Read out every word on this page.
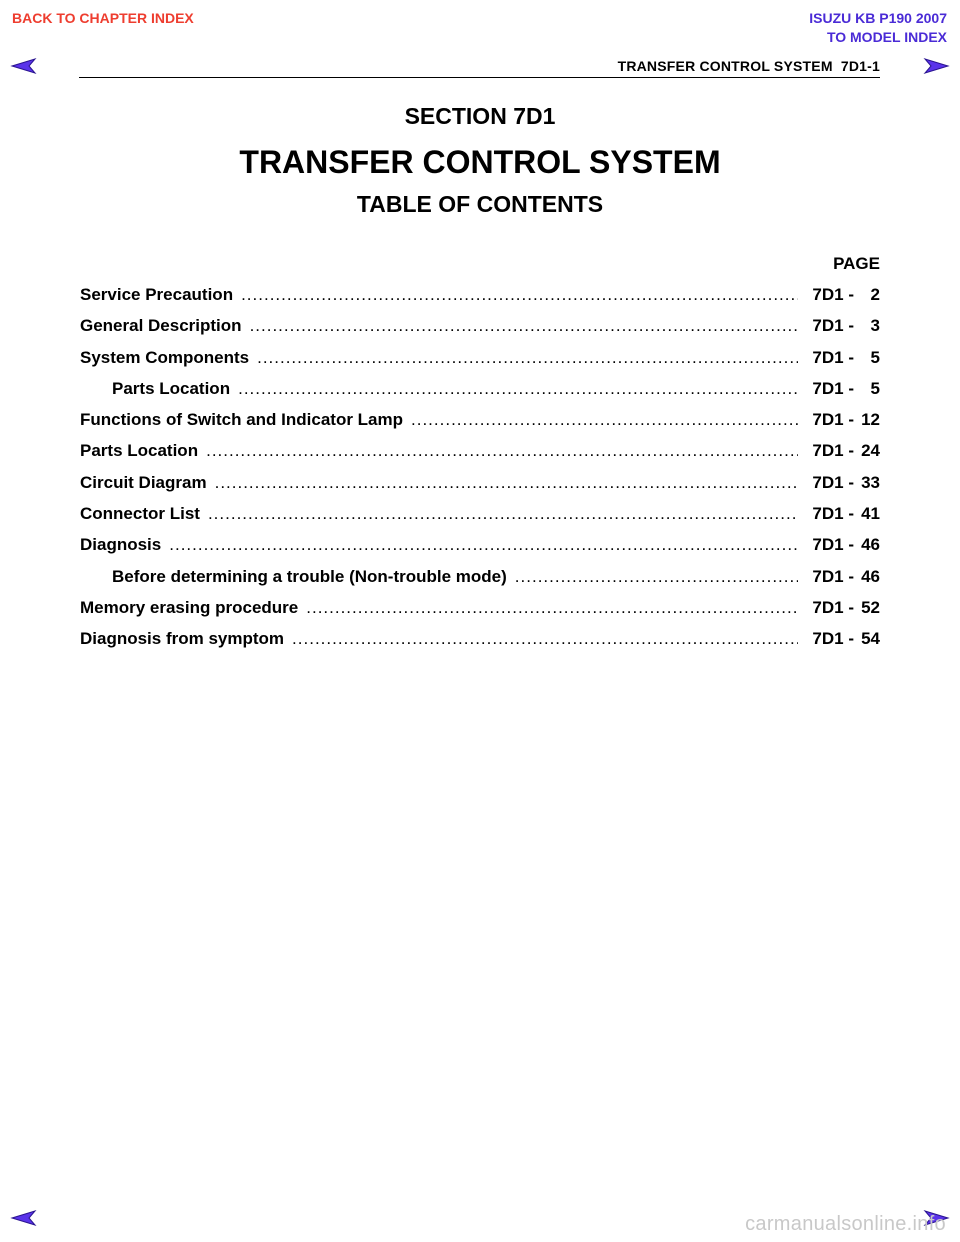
BACK TO CHAPTER INDEX	ISUZU KB P190 2007
TO MODEL INDEX
TRANSFER CONTROL SYSTEM  7D1-1
SECTION 7D1
TRANSFER CONTROL SYSTEM
TABLE OF CONTENTS
PAGE
Service Precaution .....	7D1 - 2
General Description .....	7D1 - 3
System Components .....	7D1 - 5
Parts Location .....	7D1 - 5
Functions of Switch and Indicator Lamp .....	7D1 - 12
Parts Location .....	7D1 - 24
Circuit Diagram .....	7D1 - 33
Connector List .....	7D1 - 41
Diagnosis .....	7D1 - 46
Before determining a trouble (Non-trouble mode) .....	7D1 - 46
Memory erasing procedure .....	7D1 - 52
Diagnosis from symptom .....	7D1 - 54
carmanualsonline.info
